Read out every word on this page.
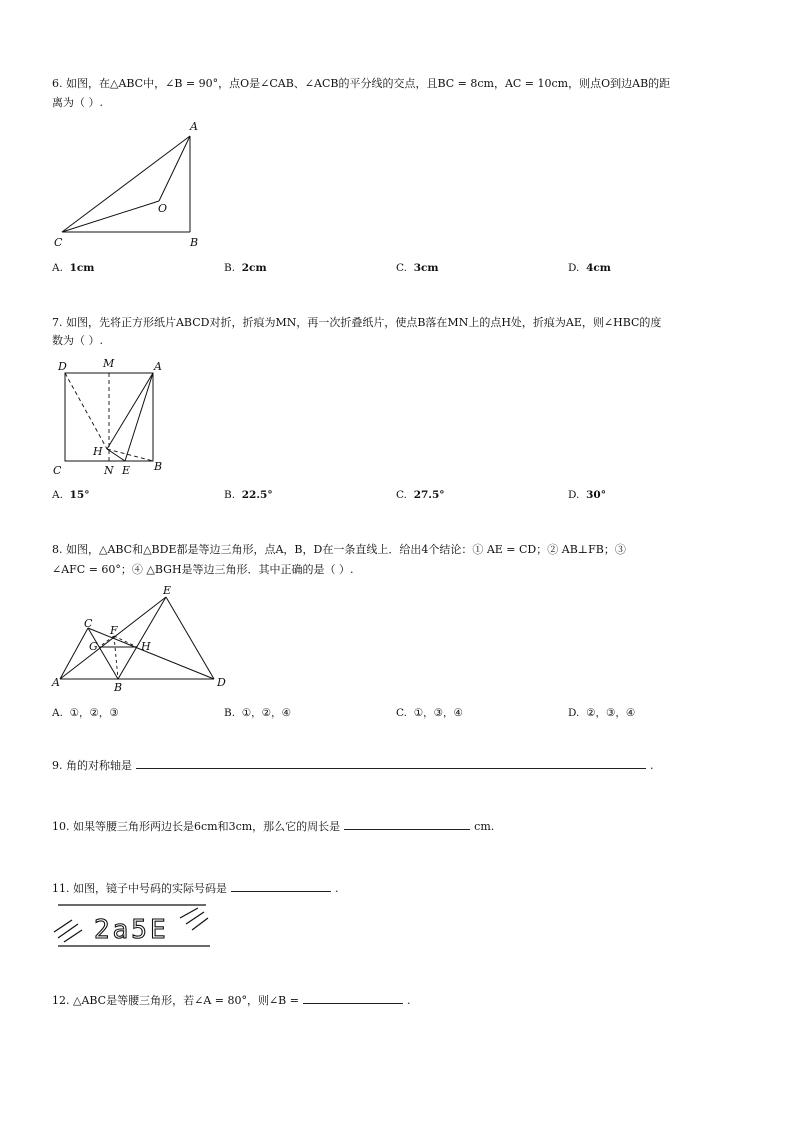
6. 如图，在△ABC中，∠B = 90°，点O是∠CAB、∠ACB的平分线的交点，且BC = 8cm，AC = 10cm，则点O到边AB的距
离为（ ）.
A
O
C	B
A. 1cm	B. 2cm	C. 3cm	D. 4cm
7. 如图，先将正方形纸片ABCD对折，折痕为MN，再一次折叠纸片，使点B落在MN上的点H处，折痕为AE，则∠HBC的度
数为（ ）.
D	M	A
H
C	N E B
A. 15°	B. 22.5°	C. 27.5°	D. 30°
8. 如图，△ABC和△BDE都是等边三角形，点A，B，D在一条直线上．给出4个结论：① AE = CD；② AB⊥FB；③
∠AFC = 60°；④ △BGH是等边三角形．其中正确的是（ ）.
E
C
F
G	H
A	B	D
A. ①，②，③	B. ①，②，④	C. ①，③，④	D. ②，③，④
9. 角的对称轴是	.
10. 如果等腰三角形两边长是6cm和3cm，那么它的周长是	cm.
11. 如图，镜子中号码的实际号码是	.
2a5E
12. △ABC是等腰三角形，若∠A = 80°，则∠B =	.
